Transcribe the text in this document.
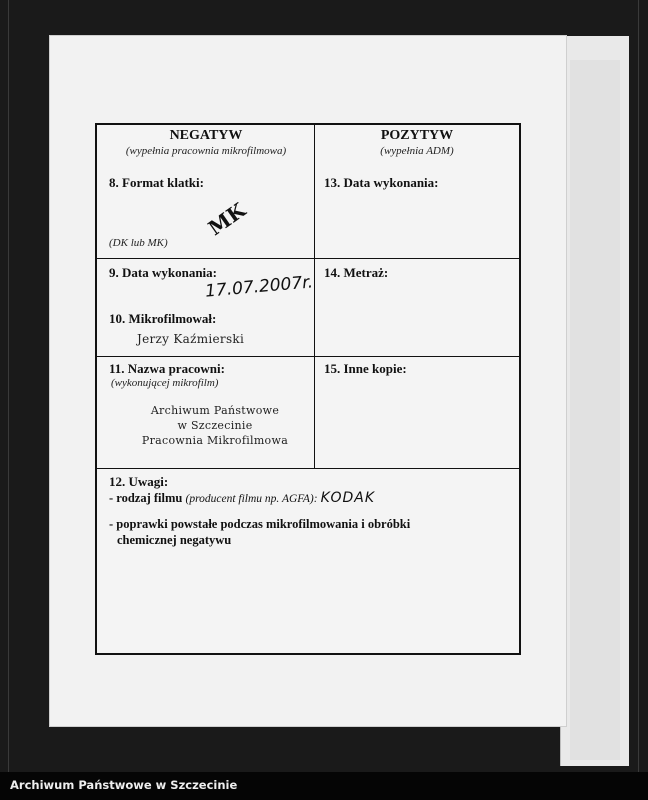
NEGATYW
(wypełnia pracownia mikrofilmowa)
POZYTYW
(wypełnia ADM)
8. Format klatki:
MK
(DK lub MK)
13. Data wykonania:
9. Data wykonania:
17.07.2007r. 14. Metraż:
10. Mikrofilmował:
Jerzy Kaźmierski
11. Nazwa pracowni:
(wykonującej mikrofilm)
Archiwum Państwowe
w Szczecinie
Pracownia Mikrofilmowa
15. Inne kopie:
12. Uwagi:
- rodzaj filmu (producent filmu np. AGFA): KODAK
- poprawki powstałe podczas mikrofilmowania i obróbki
chemicznej negatywu
Archiwum Państwowe w Szczecinie
